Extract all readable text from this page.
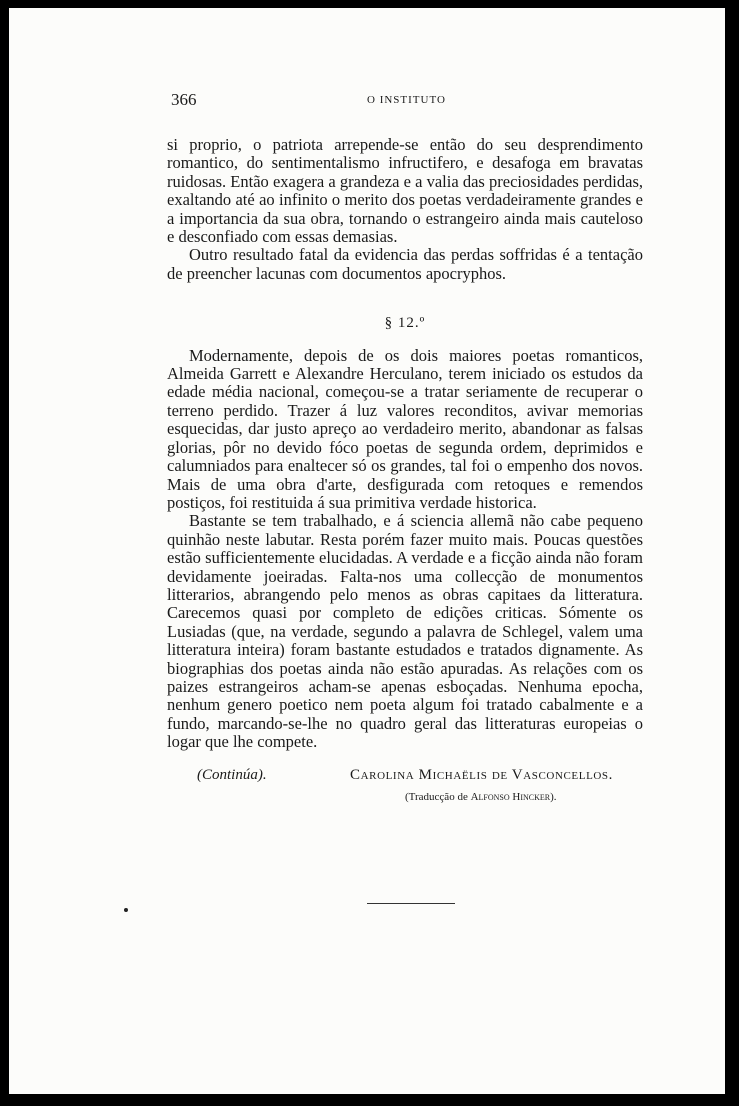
366	O INSTITUTO

si proprio, o patriota arrepende-se então do seu desprendimento romantico, do sentimentalismo infructifero, e desafoga em bravatas ruidosas. Então exagera a grandeza e a valia das preciosidades perdidas, exaltando até ao infinito o merito dos poetas verdadeiramente grandes e a importancia da sua obra, tornando o estrangeiro ainda mais cauteloso e desconfiado com essas demasias.

Outro resultado fatal da evidencia das perdas soffridas é a tentação de preencher lacunas com documentos apocryphos.

§ 12.º

Modernamente, depois de os dois maiores poetas romanticos, Almeida Garrett e Alexandre Herculano, terem iniciado os estudos da edade média nacional, começou-se a tratar seriamente de recuperar o terreno perdido. Trazer á luz valores reconditos, avivar memorias esquecidas, dar justo apreço ao verdadeiro merito, abandonar as falsas glorias, pôr no devido fóco poetas de segunda ordem, deprimidos e calumniados para enaltecer só os grandes, tal foi o empenho dos novos. Mais de uma obra d'arte, desfigurada com retoques e remendos postiços, foi restituida á sua primitiva verdade historica.

Bastante se tem trabalhado, e á sciencia allemã não cabe pequeno quinhão neste labutar. Resta porém fazer muito mais. Poucas questões estão sufficientemente elucidadas. A verdade e a ficção ainda não foram devidamente joeiradas. Falta-nos uma collecção de monumentos litterarios, abrangendo pelo menos as obras capitaes da litteratura. Carecemos quasi por completo de edições criticas. Sómente os Lusiadas (que, na verdade, segundo a palavra de Schlegel, valem uma litteratura inteira) foram bastante estudados e tratados dignamente. As biographias dos poetas ainda não estão apuradas. As relações com os paizes estrangeiros acham-se apenas esboçadas. Nenhuma epocha, nenhum genero poetico nem poeta algum foi tratado cabalmente e a fundo, marcando-se-lhe no quadro geral das litteraturas europeias o logar que lhe compete.

(Continúa).	Carolina Michaëlis de Vasconcellos.
(Traducção de Alfonso Hincker).
